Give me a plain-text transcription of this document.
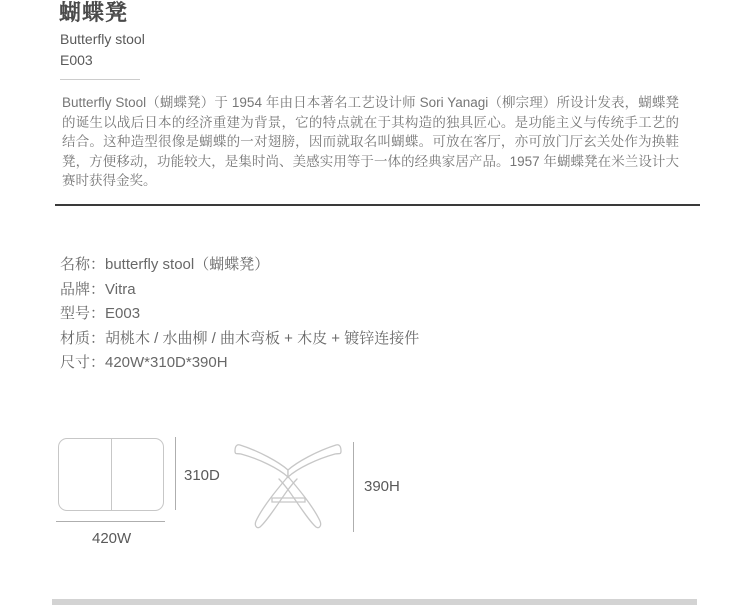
蝴蝶凳
Butterfly stool
E003
Butterfly Stool（蝴蝶凳）于 1954 年由日本著名工艺设计师 Sori Yanagi（柳宗理）所设计发表，蝴蝶凳的诞生以战后日本的经济重建为背景，它的特点就在于其构造的独具匠心。是功能主义与传统手工艺的结合。这种造型很像是蝴蝶的一对翅膀，因而就取名叫蝴蝶。可放在客厅，亦可放门厅玄关处作为换鞋凳，方便移动，功能较大，是集时尚、美感实用等于一体的经典家居产品。1957 年蝴蝶凳在米兰设计大赛时获得金奖。
名称：butterfly stool（蝴蝶凳）
品牌：Vitra
型号：E003
材质：胡桃木 / 水曲柳 / 曲木弯板 + 木皮 + 镀锌连接件
尺寸：420W*310D*390H
310D
420W
390H
